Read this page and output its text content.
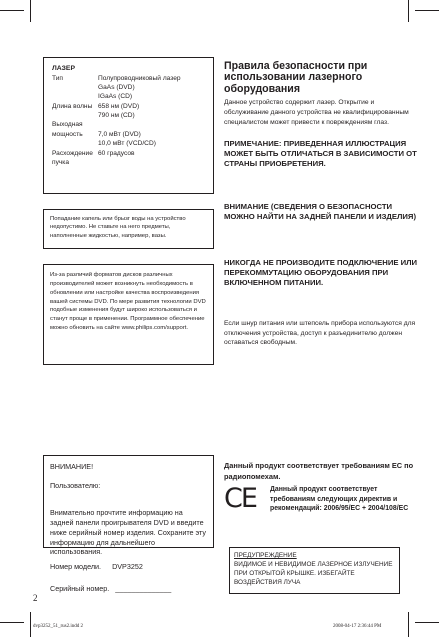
ЛАЗЕР

Тип	Полупроводниковый лазер
GaAs (DVD)
IGaAs (CD)
Длина волны 658 нм (DVD)
790 нм (CD)
Выходная
мощность	7,0 мВт (DVD)
10,0 мВт (VCD/CD)
Расхождение 60 градусов
пучка

Попадание капель или брызг воды на устройство недопустимо. Не ставьте на него предметы, наполненные жидкостью, например, вазы.

Из-за различий форматов дисков различных производителей может возникнуть необходимость в обновлении или настройке качества воспроизведения вашей системы DVD. По мере развития технологии DVD подобные изменения будут широко использоваться и станут проще в применении. Программное обеспечение можно обновить на сайте www.philips.com/support.

ВНИМАНИЕ!

Пользователю:

Внимательно прочтите информацию на задней панели проигрывателя DVD и введите ниже серийный номер изделия. Сохраните эту информацию для дальнейшего использования.

Номер модели. DVP3252

Серийный номер. ______________

Правила безопасности при использовании лазерного оборудования

Данное устройство содержит лазер. Открытие и обслуживание данного устройства не квалифицированным специалистом может привести к повреждениям глаз.

ПРИМЕЧАНИЕ: ПРИВЕДЕННАЯ ИЛЛЮСТРАЦИЯ МОЖЕТ БЫТЬ ОТЛИЧАТЬСЯ В ЗАВИСИМОСТИ ОТ СТРАНЫ ПРИОБРЕТЕНИЯ.

ВНИМАНИЕ (СВЕДЕНИЯ О БЕЗОПАСНОСТИ МОЖНО НАЙТИ НА ЗАДНЕЙ ПАНЕЛИ И ИЗДЕЛИЯ)

НИКОГДА НЕ ПРОИЗВОДИТЕ ПОДКЛЮЧЕНИЕ ИЛИ ПЕРЕКОММУТАЦИЮ ОБОРУДОВАНИЯ ПРИ ВКЛЮЧЕННОМ ПИТАНИИ.

Если шнур питания или штепсель прибора используются для отключения устройства, доступ к разъединителю должен оставаться свободным.

Данный продукт соответствует требованиям ЕС по радиопомехам.

CE	Данный продукт соответствует требованиям следующих директив и рекомендаций: 2006/95/EC + 2004/108/EC

ПРЕДУПРЕЖДЕНИЕ

ВИДИМОЕ И НЕВИДИМОЕ ЛАЗЕРНОЕ ИЗЛУЧЕНИЕ ПРИ ОТКРЫТОЙ КРЫШКЕ. ИЗБЕГАЙТЕ ВОЗДЕЙСТВИЯ ЛУЧА

2
dvp3252_51_rus2.indd 2	2008-04-17 2:36:44 PM
